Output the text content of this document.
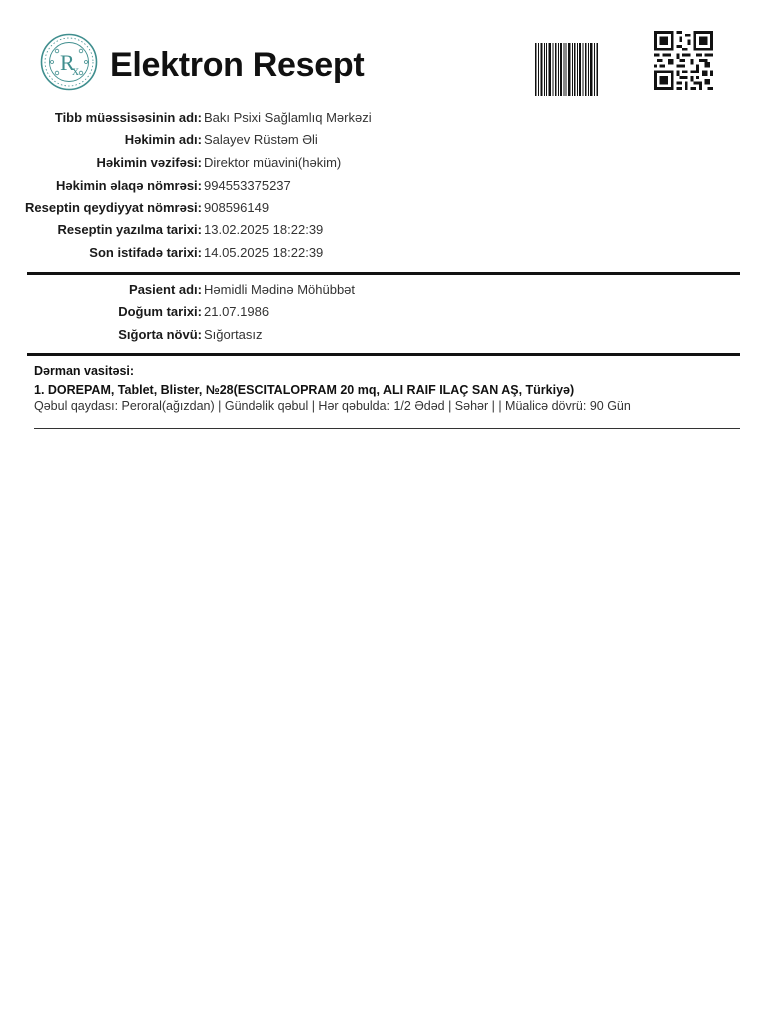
R
x Elektron Resept
Tibb müəssisəsinin adı: Bakı Psixi Sağlamlıq Mərkəzi
Həkimin adı: Salayev Rüstəm Əli
Həkimin vəzifəsi: Direktor müavini(həkim)
Həkimin əlaqə nömrəsi: 994553375237
Reseptin qeydiyyat nömrəsi: 908596149
Reseptin yazılma tarixi: 13.02.2025 18:22:39
Son istifadə tarixi: 14.05.2025 18:22:39
Pasient adı: Həmidli Mədinə Möhübbət
Doğum tarixi: 21.07.1986
Sığorta növü: Sığortasız
Dərman vasitəsi:
1. DOREPAM, Tablet, Blister, №28(ESCITALOPRAM 20 mq, ALI RAIF ILAÇ SAN AŞ, Türkiyə)
Qəbul qaydası: Peroral(ağızdan) | Gündəlik qəbul | Hər qəbulda: 1/2 Ədəd | Səhər | | Müalicə dövrü: 90 Gün
